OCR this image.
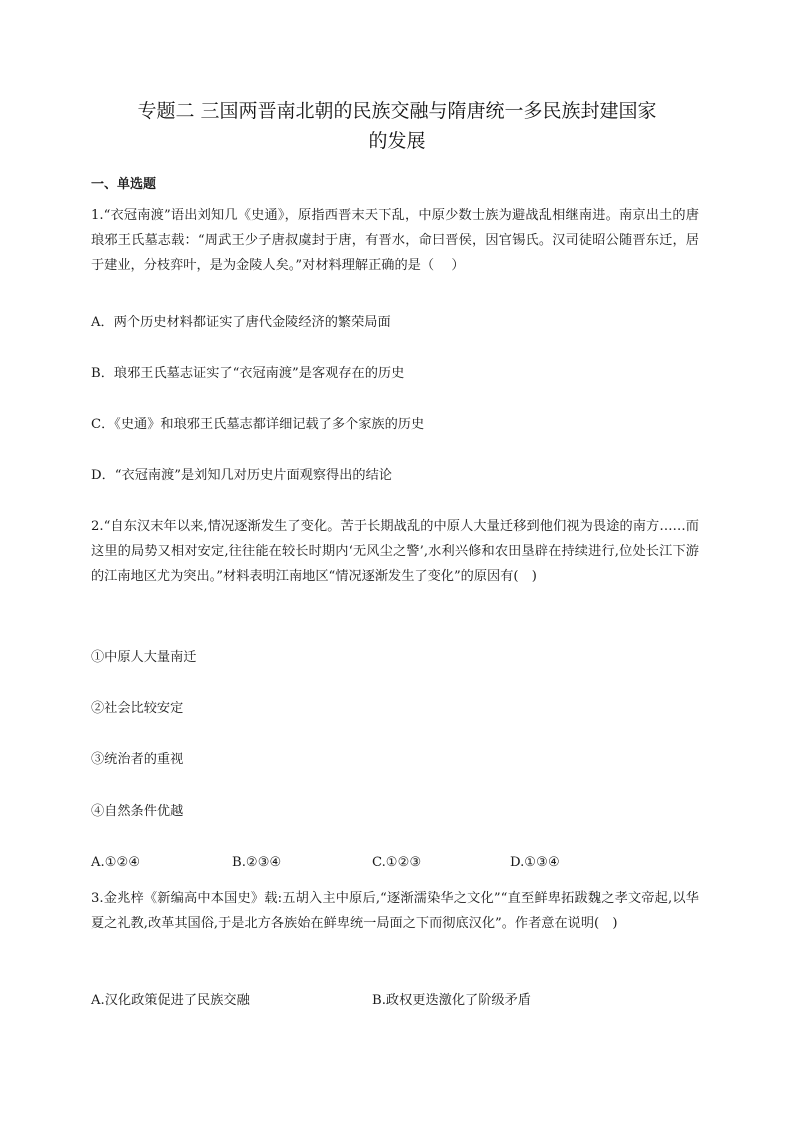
专题二 三国两晋南北朝的民族交融与隋唐统一多民族封建国家
的发展
一、单选题
1.“衣冠南渡”语出刘知几《史通》，原指西晋末天下乱，中原少数士族为避战乱相继南进。南京出土的唐琅邪王氏墓志载：“周武王少子唐叔虞封于唐，有晋水，命曰晋侯，因官锡氏。汉司徒昭公随晋东迁，居于建业，分枝弈叶，是为金陵人矣。”对材料理解正确的是（　 ）
A．两个历史材料都证实了唐代金陵经济的繁荣局面
B．琅邪王氏墓志证实了“衣冠南渡”是客观存在的历史
C．《史通》和琅邪王氏墓志都详细记载了多个家族的历史
D．“衣冠南渡”是刘知几对历史片面观察得出的结论
2.“自东汉末年以来,情况逐渐发生了变化。苦于长期战乱的中原人大量迁移到他们视为畏途的南方……而这里的局势又相对安定,往往能在较长时期内‘无风尘之警’,水利兴修和农田垦辟在持续进行,位处长江下游的江南地区尤为突出。”材料表明江南地区“情况逐渐发生了变化”的原因有(　)
①中原人大量南迁
②社会比较安定
③统治者的重视
④自然条件优越
A.①②④	B.②③④	C.①②③	D.①③④
3.金兆梓《新编高中本国史》载:五胡入主中原后,“逐渐濡染华之文化”“直至鲜卑拓跋魏之孝文帝起,以华夏之礼教,改革其国俗,于是北方各族始在鲜卑统一局面之下而彻底汉化”。作者意在说明(　)
A.汉化政策促进了民族交融	B.政权更迭激化了阶级矛盾
